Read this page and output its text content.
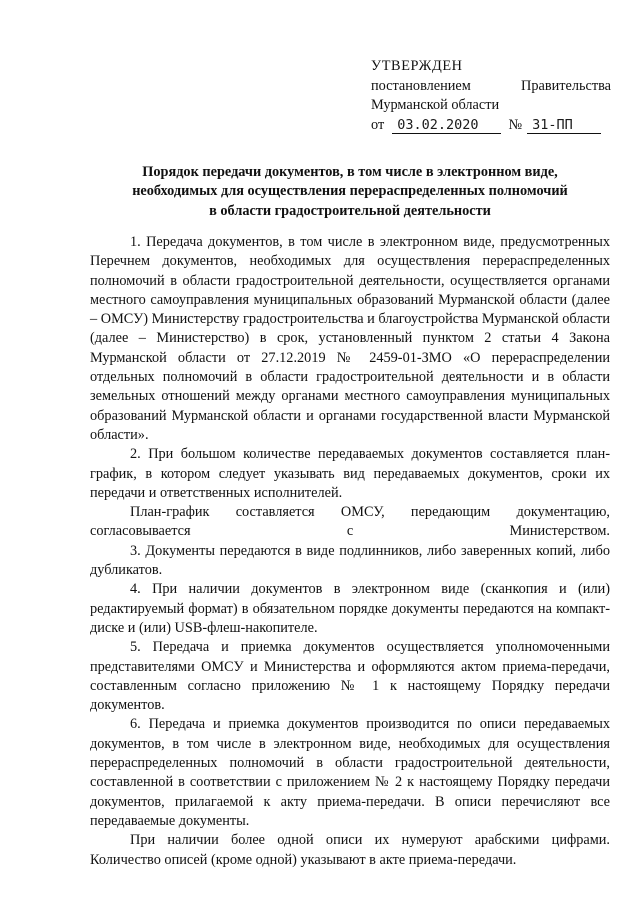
УТВЕРЖДЕН
постановлением	Правительства
Мурманской области
от 03.02.2020	№ 31-ПП
Порядок передачи документов, в том числе в электронном виде,
необходимых для осуществления перераспределенных полномочий
в области градостроительной деятельности

1. Передача документов, в том числе в электронном виде, предусмотренных Перечнем документов, необходимых для осуществления перераспределенных полномочий в области градостроительной деятельности, осуществляется органами местного самоуправления муниципальных образований Мурманской области (далее – ОМСУ) Министерству градостроительства и благоустройства Мурманской области (далее – Министерство) в срок, установленный пунктом 2 статьи 4 Закона Мурманской области от 27.12.2019 № 2459-01-ЗМО «О перераспределении отдельных полномочий в области градостроительной деятельности и в области земельных отношений между органами местного самоуправления муниципальных образований Мурманской области и органами государственной власти Мурманской области».

2. При большом количестве передаваемых документов составляется план-график, в котором следует указывать вид передаваемых документов, сроки их передачи и ответственных исполнителей.

План-график составляется ОМСУ, передающим документацию, согласовывается с Министерством.

3. Документы передаются в виде подлинников, либо заверенных копий, либо дубликатов.

4. При наличии документов в электронном виде (сканкопия и (или) редактируемый формат) в обязательном порядке документы передаются на компакт-диске и (или) USB-флеш-накопителе.

5. Передача и приемка документов осуществляется уполномоченными представителями ОМСУ и Министерства и оформляются актом приема-передачи, составленным согласно приложению № 1 к настоящему Порядку передачи документов.

6. Передача и приемка документов производится по описи передаваемых документов, в том числе в электронном виде, необходимых для осуществления перераспределенных полномочий в области градостроительной деятельности, составленной в соответствии с приложением № 2 к настоящему Порядку передачи документов, прилагаемой к акту приема-передачи. В описи перечисляют все передаваемые документы.

При наличии более одной описи их нумеруют арабскими цифрами. Количество описей (кроме одной) указывают в акте приема-передачи.
